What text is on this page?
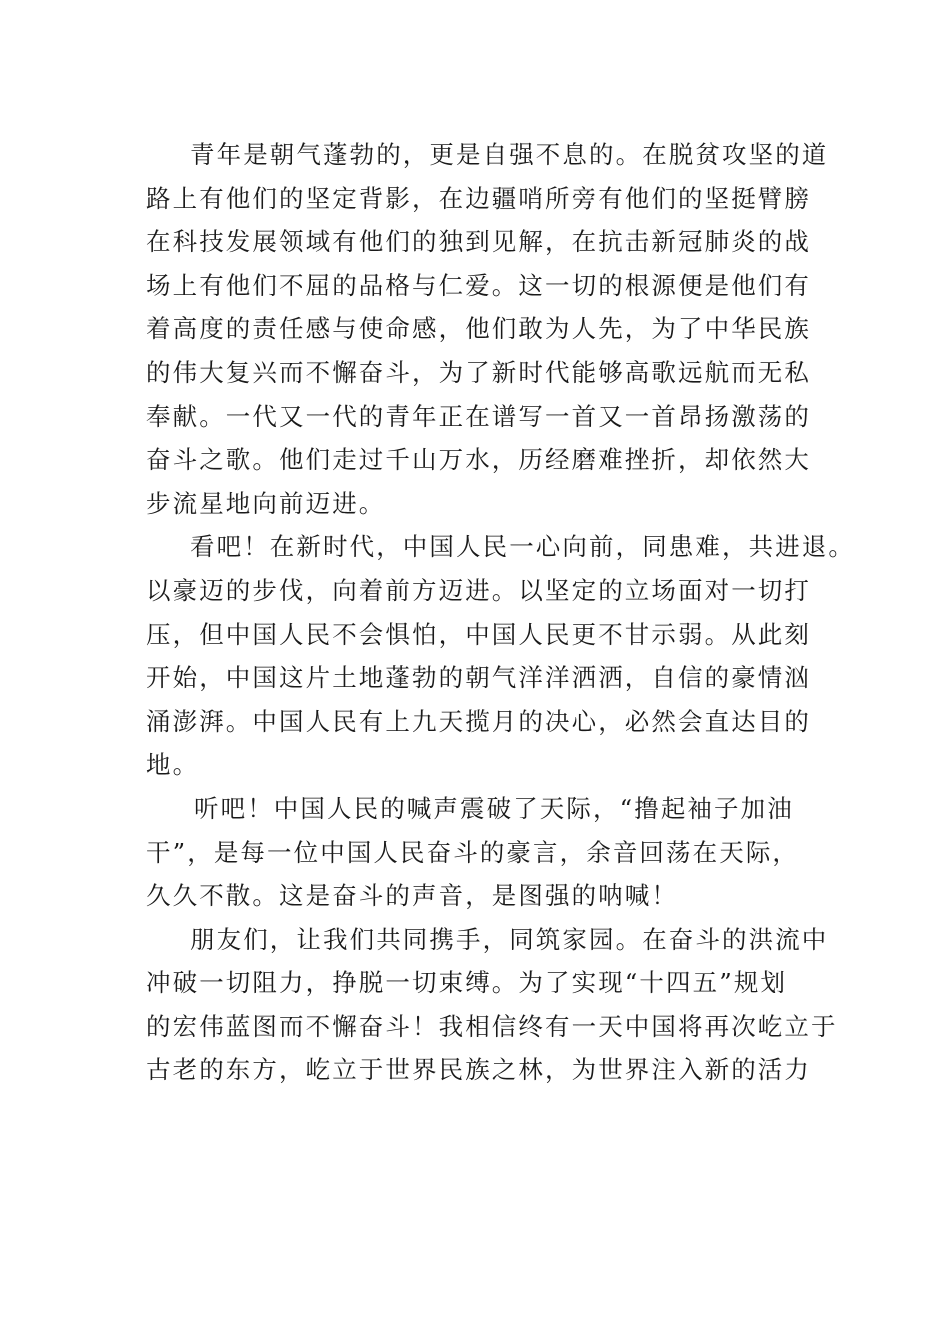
青年是朝气蓬勃的，更是自强不息的。在脱贫攻坚的道
路上有他们的坚定背影，在边疆哨所旁有他们的坚挺臂膀
在科技发展领域有他们的独到见解，在抗击新冠肺炎的战
场上有他们不屈的品格与仁爱。这一切的根源便是他们有
着高度的责任感与使命感，他们敢为人先，为了中华民族
的伟大复兴而不懈奋斗，为了新时代能够高歌远航而无私
奉献。一代又一代的青年正在谱写一首又一首昂扬激荡的
奋斗之歌。他们走过千山万水，历经磨难挫折，却依然大
步流星地向前迈进。
看吧！在新时代，中国人民一心向前，同患难，共进退。
以豪迈的步伐，向着前方迈进。以坚定的立场面对一切打
压，但中国人民不会惧怕，中国人民更不甘示弱。从此刻
开始，中国这片土地蓬勃的朝气洋洋洒洒，自信的豪情汹
涌澎湃。中国人民有上九天揽月的决心，必然会直达目的
地。
听吧！中国人民的喊声震破了天际，“撸起袖子加油
干”，是每一位中国人民奋斗的豪言，余音回荡在天际，
久久不散。这是奋斗的声音，是图强的呐喊！
朋友们，让我们共同携手，同筑家园。在奋斗的洪流中
冲破一切阻力，挣脱一切束缚。为了实现“十四五”规划
的宏伟蓝图而不懈奋斗！我相信终有一天中国将再次屹立于
古老的东方，屹立于世界民族之林，为世界注入新的活力
